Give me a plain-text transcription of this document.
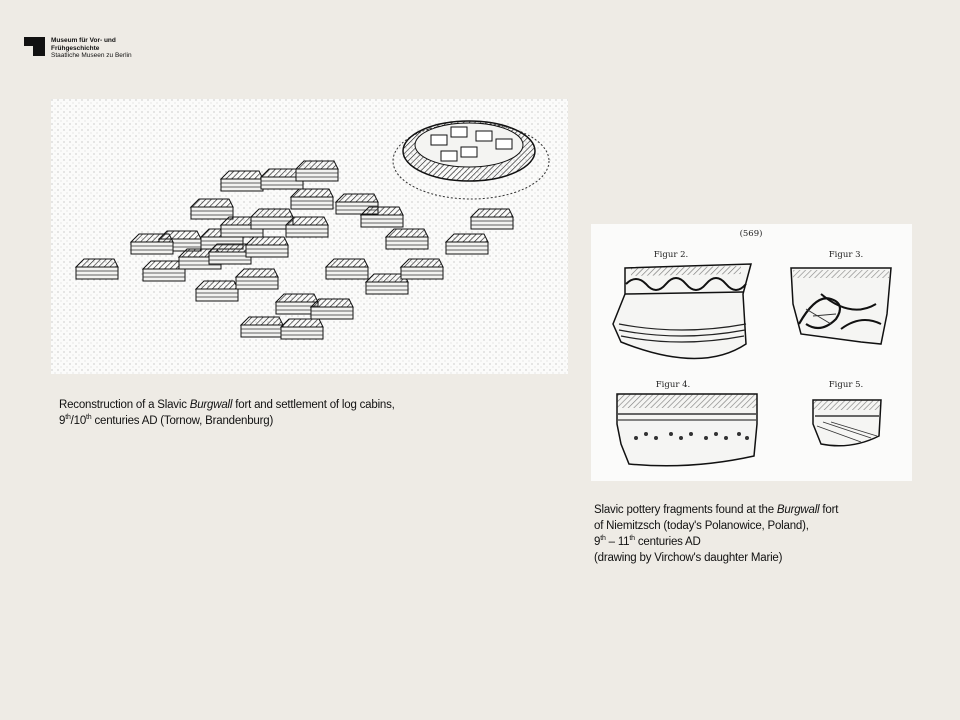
Museum für Vor- und
Frühgeschichte
Staatliche Museen zu Berlin
(569)
Figur 2.	Figur 3.
Figur 4.	Figur 5.
Reconstruction of a Slavic Burgwall fort and settlement of log cabins,
9th/10th centuries AD (Tornow, Brandenburg)
Slavic pottery fragments found at the Burgwall fort
of Niemitzsch (today's Polanowice, Poland),
9th – 11th centuries AD
(drawing by Virchow's daughter Marie)
